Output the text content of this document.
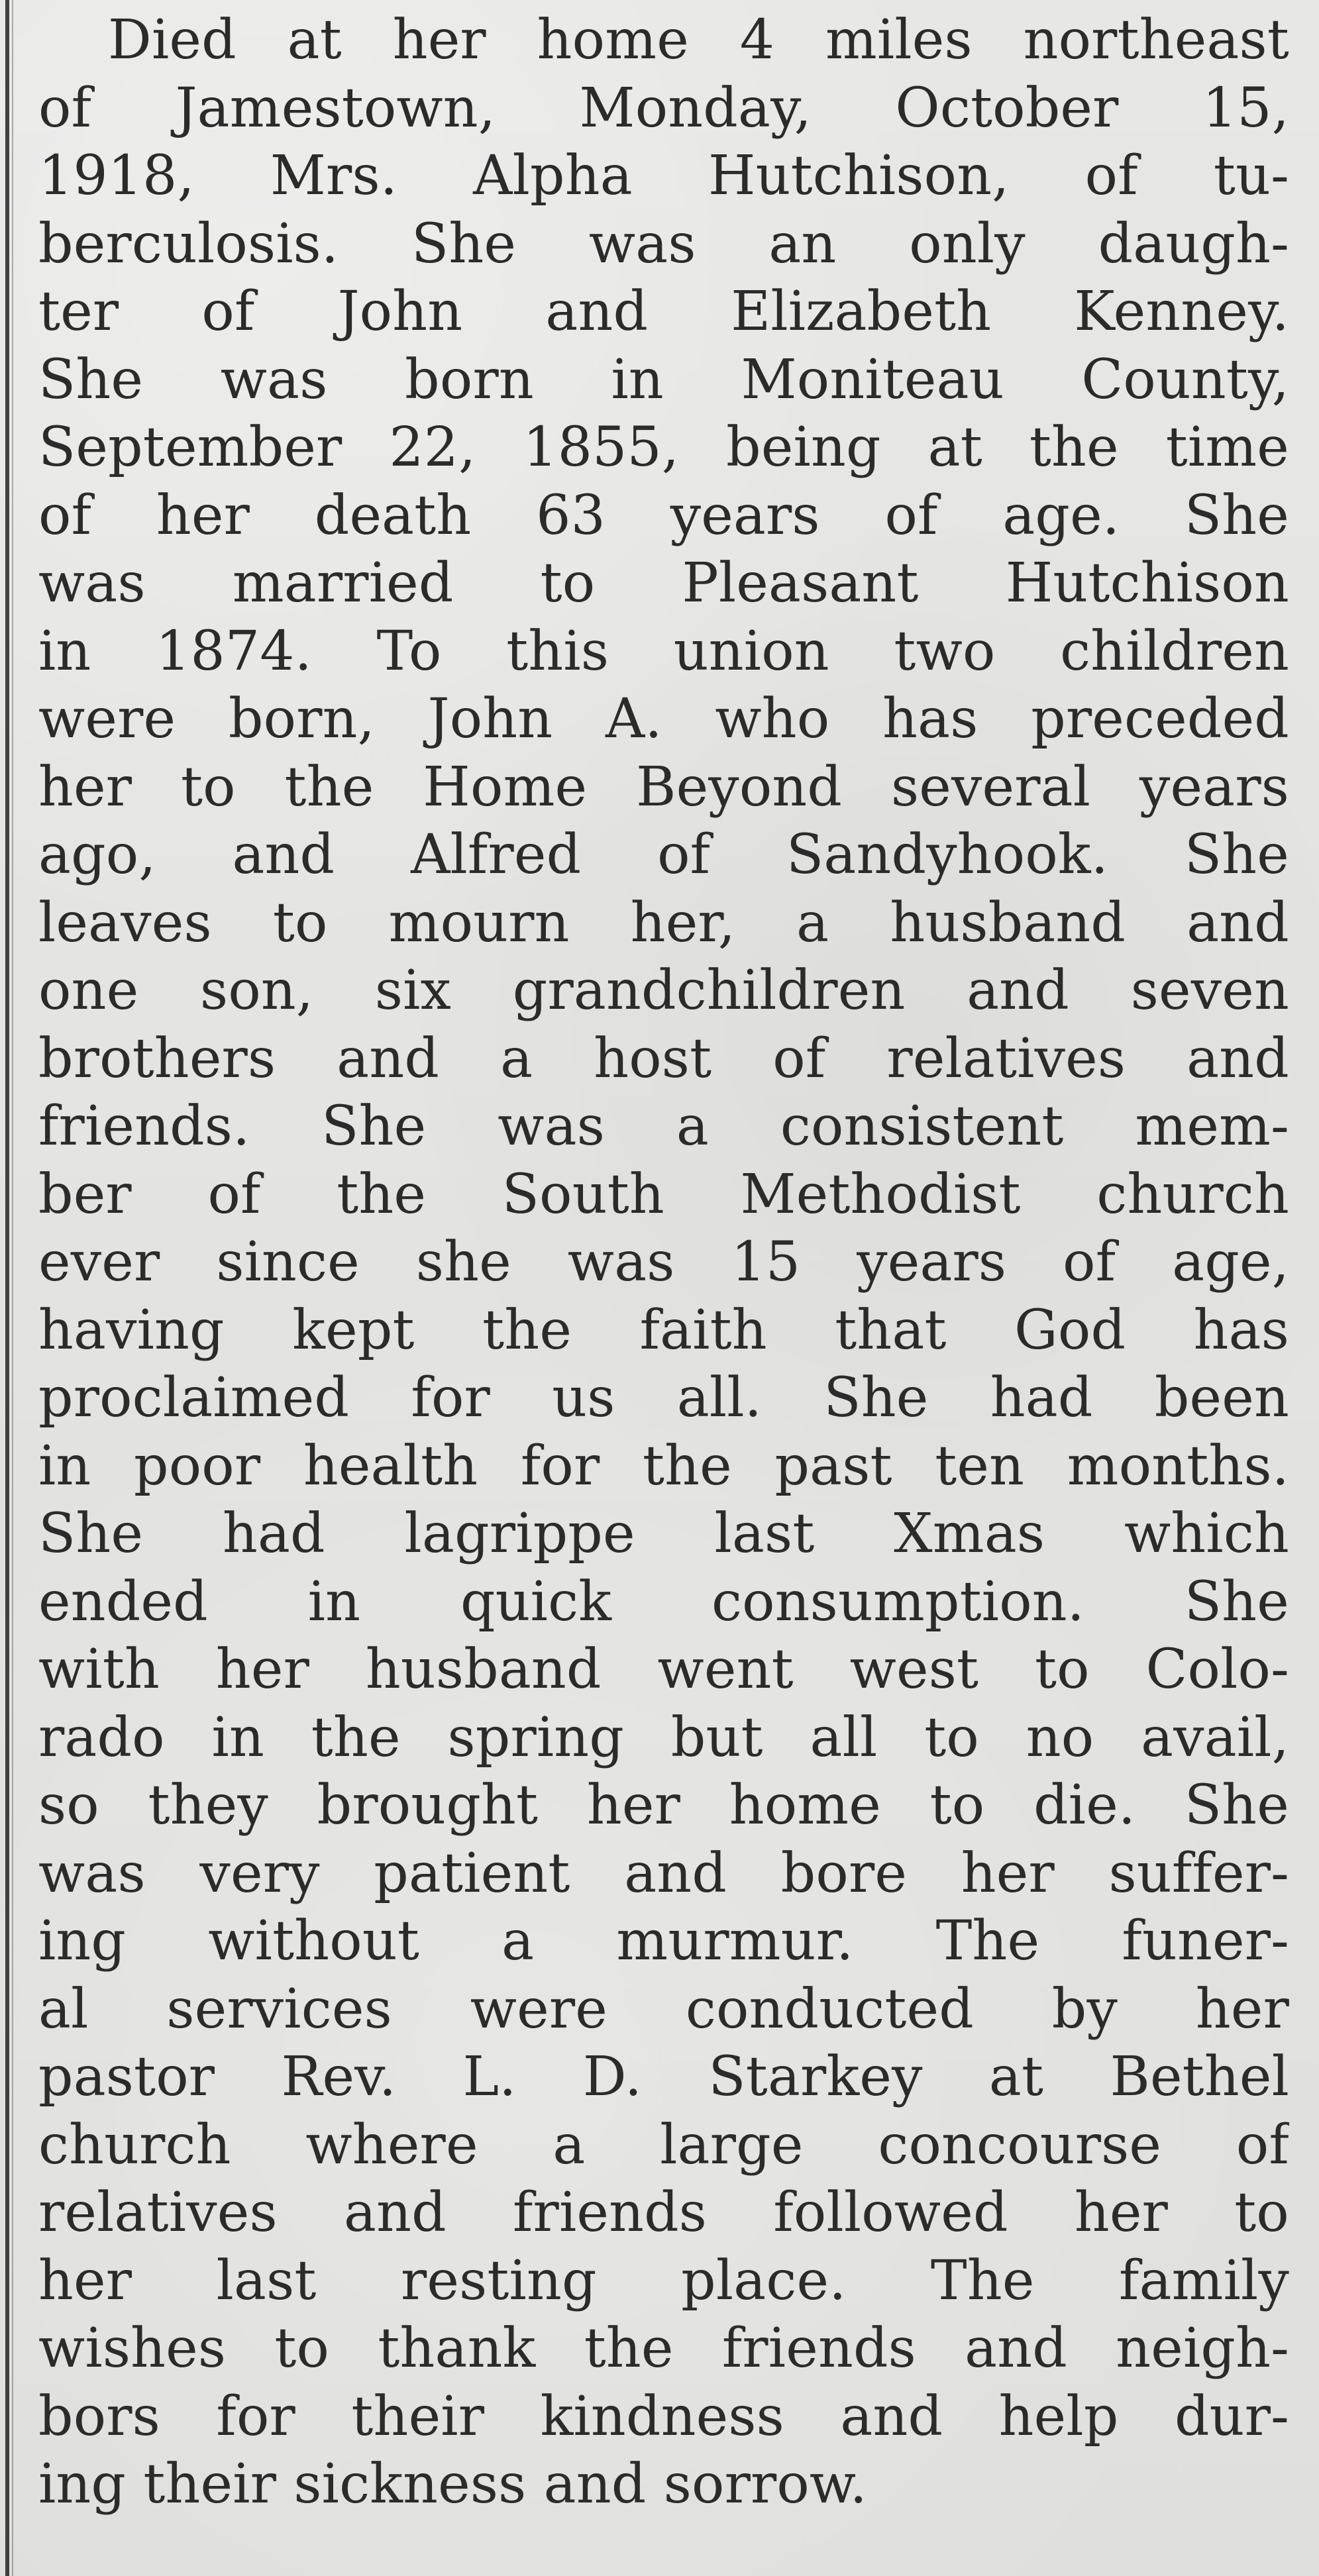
Died at her home 4 miles northeast
of Jamestown, Monday, October 15,
1918, Mrs. Alpha Hutchison, of tu-
berculosis. She was an only daugh-
ter of John and Elizabeth Kenney.
She was born in Moniteau County,
September 22, 1855, being at the time
of her death 63 years of age. She
was married to Pleasant Hutchison
in 1874. To this union two children
were born, John A. who has preceded
her to the Home Beyond several years
ago, and Alfred of Sandyhook. She
leaves to mourn her, a husband and
one son, six grandchildren and seven
brothers and a host of relatives and
friends. She was a consistent mem-
ber of the South Methodist church
ever since she was 15 years of age,
having kept the faith that God has
proclaimed for us all. She had been
in poor health for the past ten months.
She had lagrippe last Xmas which
ended in quick consumption. She
with her husband went west to Colo-
rado in the spring but all to no avail,
so they brought her home to die. She
was very patient and bore her suffer-
ing without a murmur. The funer-
al services were conducted by her
pastor Rev. L. D. Starkey at Bethel
church where a large concourse of
relatives and friends followed her to
her last resting place. The family
wishes to thank the friends and neigh-
bors for their kindness and help dur-
ing their sickness and sorrow.
